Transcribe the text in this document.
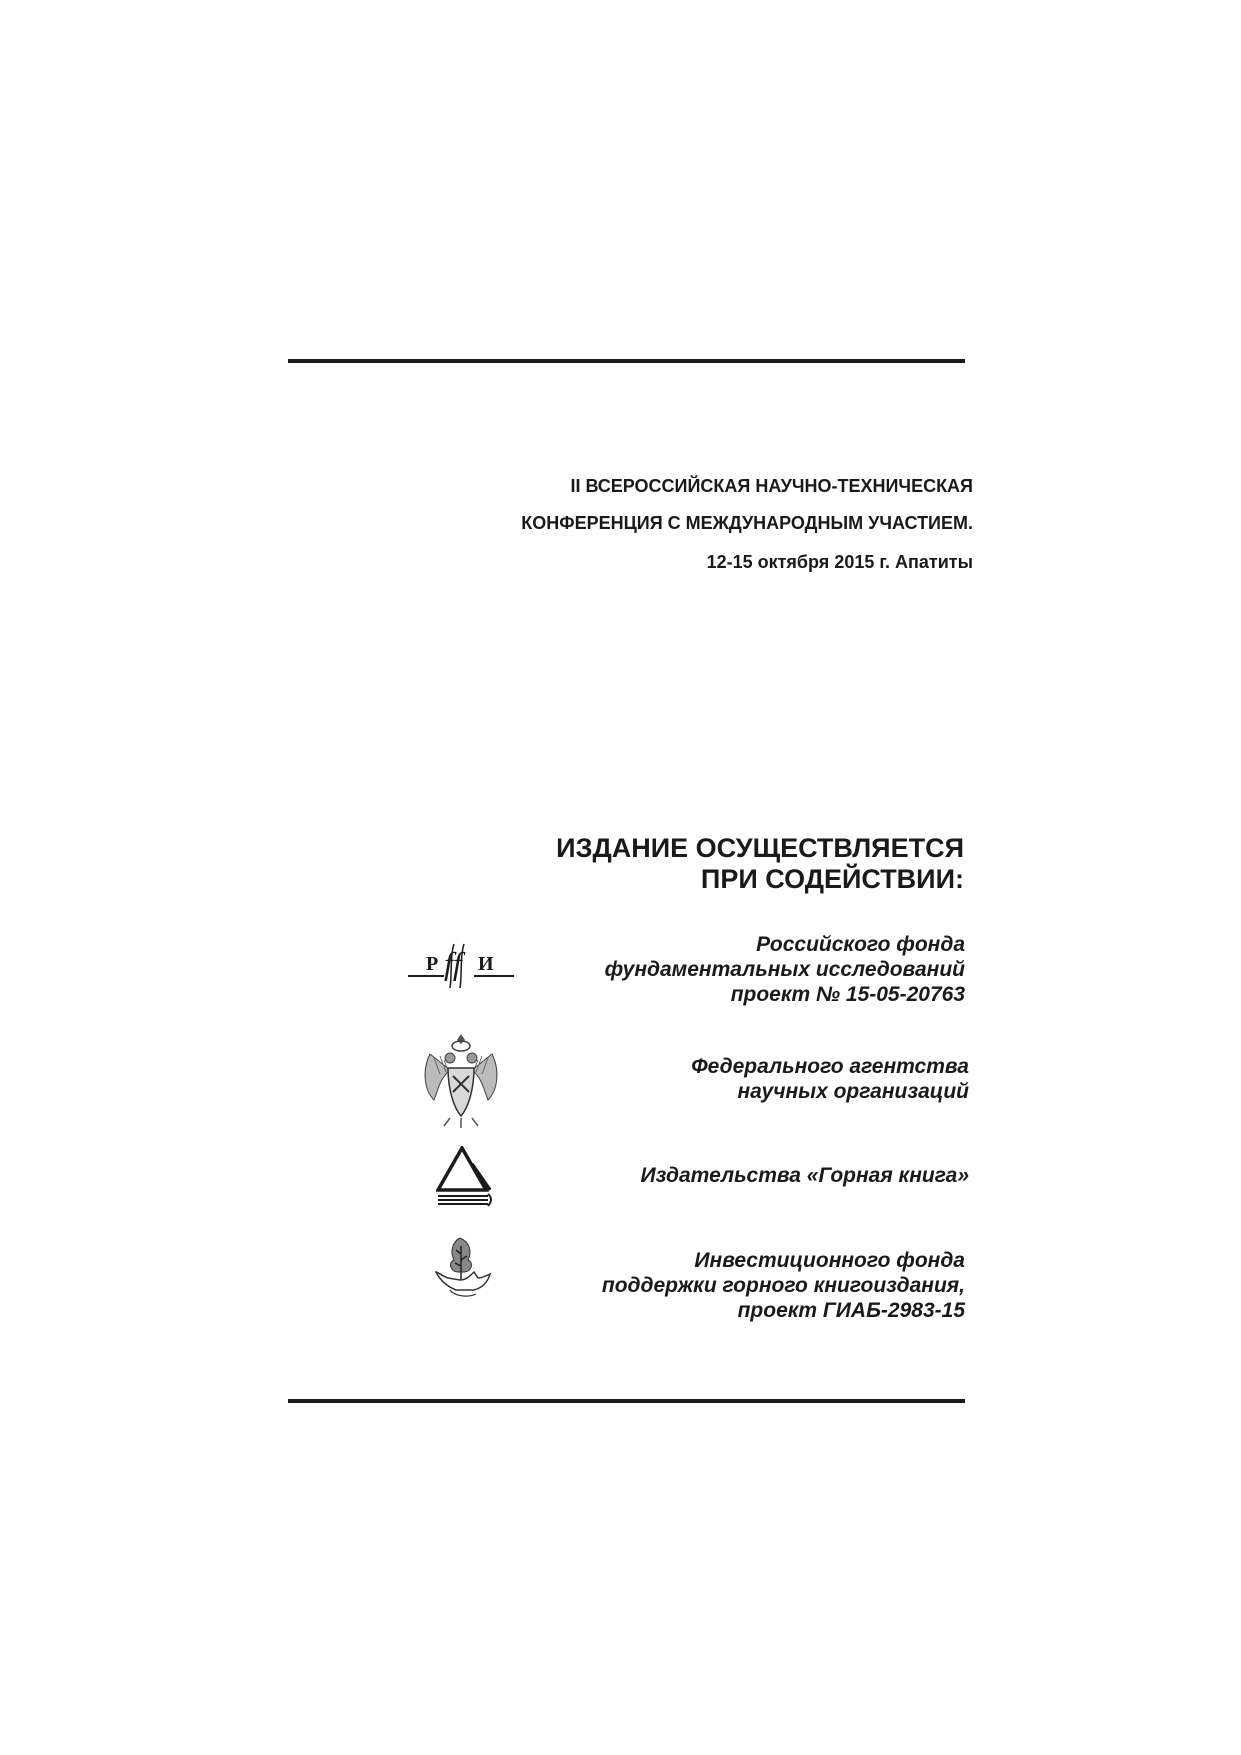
II ВСЕРОССИЙСКАЯ НАУЧНО-ТЕХНИЧЕСКАЯ
КОНФЕРЕНЦИЯ С МЕЖДУНАРОДНЫМ УЧАСТИЕМ.
12-15 октября 2015 г. Апатиты
ИЗДАНИЕ ОСУЩЕСТВЛЯЕТСЯ
ПРИ СОДЕЙСТВИИ:
Р ff И
Российского фонда
фундаментальных исследований
проект № 15-05-20763
Федерального агентства
научных организаций
Издательства «Горная книга»
Инвестиционного фонда
поддержки горного книгоиздания,
проект ГИАБ-2983-15
